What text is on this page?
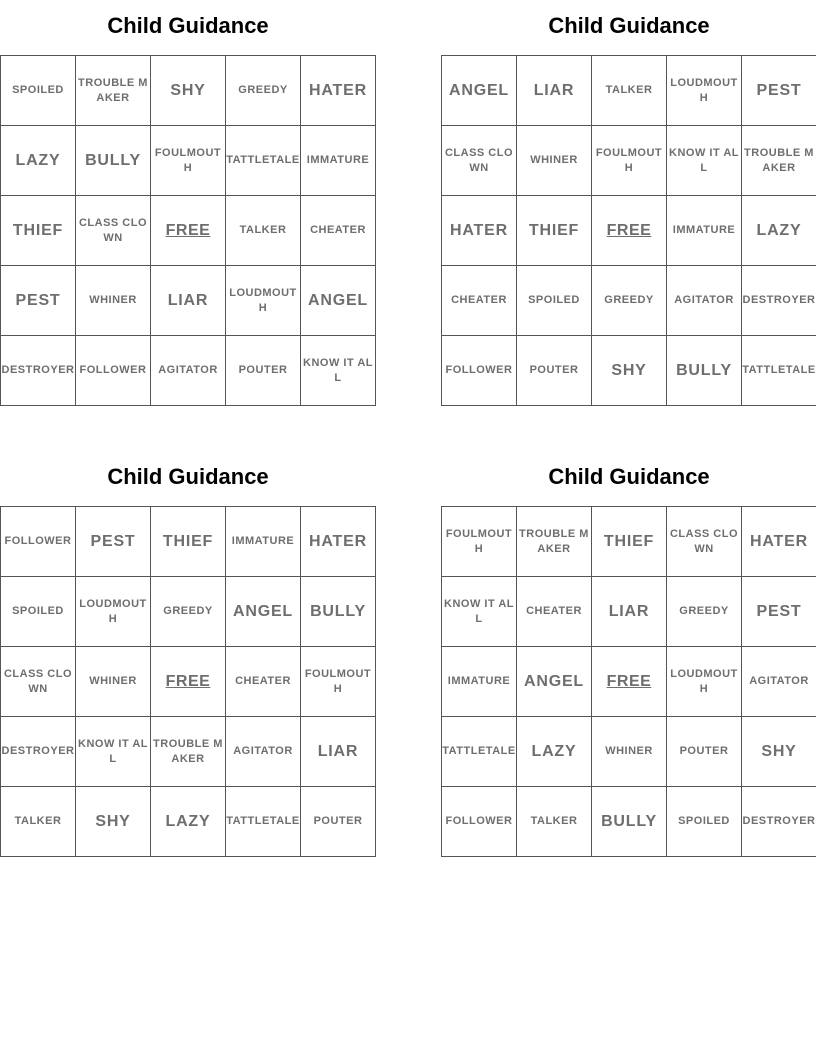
Child Guidance
SPOILED	TROUBLE MAKER	SHY	GREEDY	HATER
LAZY	BULLY	FOULMOUTH	TATTLETALE	IMMATURE
THIEF	CLASS CLOWN	FREE	TALKER	CHEATER
PEST	WHINER	LIAR	LOUDMOUTH	ANGEL
DESTROYER	FOLLOWER	AGITATOR	POUTER	KNOW IT ALL
Child Guidance
ANGEL	LIAR	TALKER	LOUDMOUTH	PEST
CLASS CLOWN	WHINER	FOULMOUTH	KNOW IT ALL	TROUBLE MAKER
HATER	THIEF	FREE	IMMATURE	LAZY
CHEATER	SPOILED	GREEDY	AGITATOR	DESTROYER
FOLLOWER	POUTER	SHY	BULLY	TATTLETALE
Child Guidance
FOLLOWER	PEST	THIEF	IMMATURE	HATER
SPOILED	LOUDMOUTH	GREEDY	ANGEL	BULLY
CLASS CLOWN	WHINER	FREE	CHEATER	FOULMOUTH
DESTROYER	KNOW IT ALL	TROUBLE MAKER	AGITATOR	LIAR
TALKER	SHY	LAZY	TATTLETALE	POUTER
Child Guidance
FOULMOUTH	TROUBLE MAKER	THIEF	CLASS CLOWN	HATER
KNOW IT ALL	CHEATER	LIAR	GREEDY	PEST
IMMATURE	ANGEL	FREE	LOUDMOUTH	AGITATOR
TATTLETALE	LAZY	WHINER	POUTER	SHY
FOLLOWER	TALKER	BULLY	SPOILED	DESTROYER
